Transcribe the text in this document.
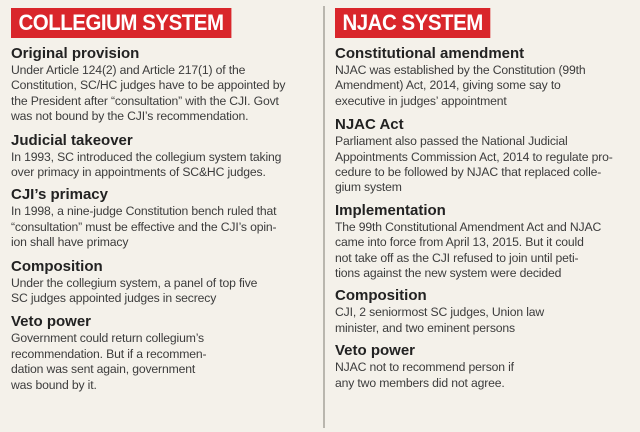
COLLEGIUM SYSTEM

Original provision

Under Article 124(2) and Article 217(1) of the
Constitution, SC/HC judges have to be appointed by
the President after “consultation” with the CJI. Govt
was not bound by the CJI’s recommendation.

Judicial takeover

In 1993, SC introduced the collegium system taking
over primacy in appointments of SC&HC judges.

CJI’s primacy

In 1998, a nine-judge Constitution bench ruled that
“consultation” must be effective and the CJI’s opin-
ion shall have primacy

Composition

Under the collegium system, a panel of top five
SC judges appointed judges in secrecy

Veto power

Government could return collegium’s
recommendation. But if a recommen-
dation was sent again, government
was bound by it.

NJAC SYSTEM

Constitutional amendment

NJAC was established by the Constitution (99th
Amendment) Act, 2014, giving some say to
executive in judges’ appointment

NJAC Act

Parliament also passed the National Judicial
Appointments Commission Act, 2014 to regulate pro-
cedure to be followed by NJAC that replaced colle-
gium system

Implementation

The 99th Constitutional Amendment Act and NJAC
came into force from April 13, 2015. But it could
not take off as the CJI refused to join until peti-
tions against the new system were decided

Composition

CJI, 2 seniormost SC judges, Union law
minister, and two eminent persons

Veto power

NJAC not to recommend person if
any two members did not agree.
